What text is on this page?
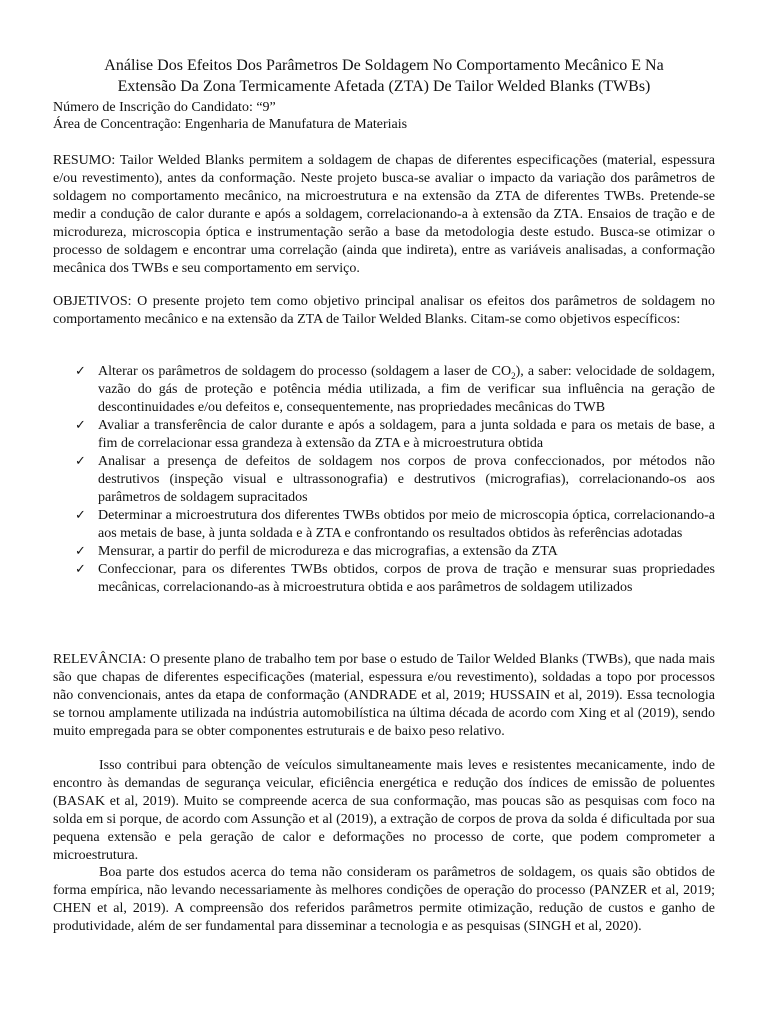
Análise Dos Efeitos Dos Parâmetros De Soldagem No Comportamento Mecânico E Na
Extensão Da Zona Termicamente Afetada (ZTA) De Tailor Welded Blanks (TWBs)

Número de Inscrição do Candidato: “9”

Área de Concentração: Engenharia de Manufatura de Materiais

RESUMO: Tailor Welded Blanks permitem a soldagem de chapas de diferentes especificações (material, espessura e/ou revestimento), antes da conformação. Neste projeto busca-se avaliar o impacto da variação dos parâmetros de soldagem no comportamento mecânico, na microestrutura e na extensão da ZTA de diferentes TWBs. Pretende-se medir a condução de calor durante e após a soldagem, correlacionando-a à extensão da ZTA. Ensaios de tração e de microdureza, microscopia óptica e instrumentação serão a base da metodologia deste estudo. Busca-se otimizar o processo de soldagem e encontrar uma correlação (ainda que indireta), entre as variáveis analisadas, a conformação mecânica dos TWBs e seu comportamento em serviço.

OBJETIVOS: O presente projeto tem como objetivo principal analisar os efeitos dos parâmetros de soldagem no comportamento mecânico e na extensão da ZTA de Tailor Welded Blanks. Citam-se como objetivos específicos:

✓ Alterar os parâmetros de soldagem do processo (soldagem a laser de $CO_2$), a saber: velocidade de soldagem, vazão do gás de proteção e potência média utilizada, a fim de verificar sua influência na geração de descontinuidades e/ou defeitos e, consequentemente, nas propriedades mecânicas do TWB
✓ Avaliar a transferência de calor durante e após a soldagem, para a junta soldada e para os metais de base, a fim de correlacionar essa grandeza à extensão da ZTA e à microestrutura obtida
✓ Analisar a presença de defeitos de soldagem nos corpos de prova confeccionados, por métodos não destrutivos (inspeção visual e ultrassonografia) e destrutivos (micrografias), correlacionando-os aos parâmetros de soldagem supracitados
✓ Determinar a microestrutura dos diferentes TWBs obtidos por meio de microscopia óptica, correlacionando-a aos metais de base, à junta soldada e à ZTA e confrontando os resultados obtidos às referências adotadas
✓ Mensurar, a partir do perfil de microdureza e das micrografias, a extensão da ZTA
✓ Confeccionar, para os diferentes TWBs obtidos, corpos de prova de tração e mensurar suas propriedades mecânicas, correlacionando-as à microestrutura obtida e aos parâmetros de soldagem utilizados

RELEVÂNCIA: O presente plano de trabalho tem por base o estudo de Tailor Welded Blanks (TWBs), que nada mais são que chapas de diferentes especificações (material, espessura e/ou revestimento), soldadas a topo por processos não convencionais, antes da etapa de conformação (ANDRADE et al, 2019; HUSSAIN et al, 2019). Essa tecnologia se tornou amplamente utilizada na indústria automobilística na última década de acordo com Xing et al (2019), sendo muito empregada para se obter componentes estruturais e de baixo peso relativo.

Isso contribui para obtenção de veículos simultaneamente mais leves e resistentes mecanicamente, indo de encontro às demandas de segurança veicular, eficiência energética e redução dos índices de emissão de poluentes (BASAK et al, 2019). Muito se compreende acerca de sua conformação, mas poucas são as pesquisas com foco na solda em si porque, de acordo com Assunção et al (2019), a extração de corpos de prova da solda é dificultada por sua pequena extensão e pela geração de calor e deformações no processo de corte, que podem comprometer a microestrutura.

Boa parte dos estudos acerca do tema não consideram os parâmetros de soldagem, os quais são obtidos de forma empírica, não levando necessariamente às melhores condições de operação do processo (PANZER et al, 2019; CHEN et al, 2019). A compreensão dos referidos parâmetros permite otimização, redução de custos e ganho de produtividade, além de ser fundamental para disseminar a tecnologia e as pesquisas (SINGH et al, 2020).
